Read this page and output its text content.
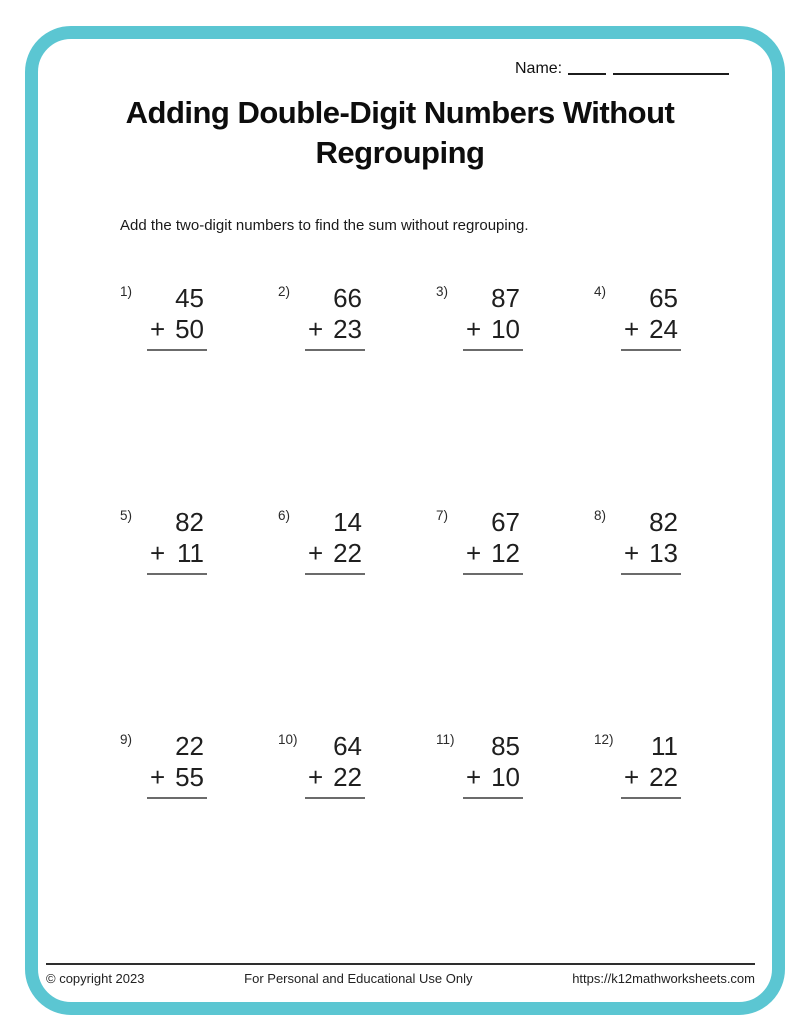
Name:
Adding Double-Digit Numbers Without
Regrouping
Add the two-digit numbers to find the sum without regrouping.
1)	45
+ 50
2)	66
+ 23
3)	87
+ 10
4)	65
+ 24
5)	82
+ 11
6)	14
+ 22
7)	67
+ 12
8)	82
+ 13
9)	22
+ 55
10)	64
+ 22
11)	85
+ 10
12)	11
+ 22
© copyright 2023	For Personal and Educational Use Only	https://k12mathworksheets.com
